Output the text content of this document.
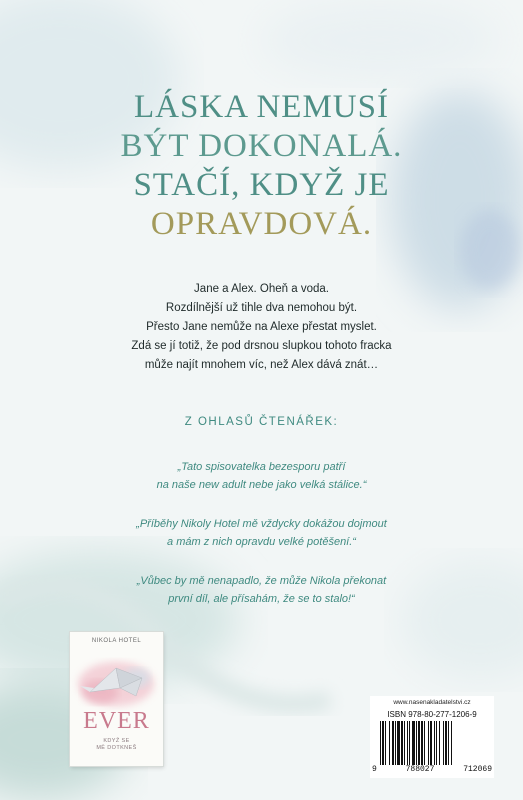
LÁSKA NEMUSÍ
BÝT DOKONALÁ.
STAČÍ, KDYŽ JE
OPRAVDOVÁ.
Jane a Alex. Oheň a voda.
Rozdílnější už tihle dva nemohou být.
Přesto Jane nemůže na Alexe přestat myslet.
Zdá se jí totiž, že pod drsnou slupkou tohoto fracka
může najít mnohem víc, než Alex dává znát…
Z OHLASŮ ČTENÁŘEK:
„Tato spisovatelka bezesporu patří
na naše new adult nebe jako velká stálice.“
„Příběhy Nikoly Hotel mě vždycky dokážou dojmout
a mám z nich opravdu velké potěšení.“
„Vůbec by mě nenapadlo, že může Nikola překonat
první díl, ale přísahám, že se to stalo!“
NIKOLA HOTEL
EVER
KDYŽ SE
MĚ DOTKNEŠ
www.nasenakladatelstvi.cz
ISBN 978-80-277-1206-9
9	788027	712069
